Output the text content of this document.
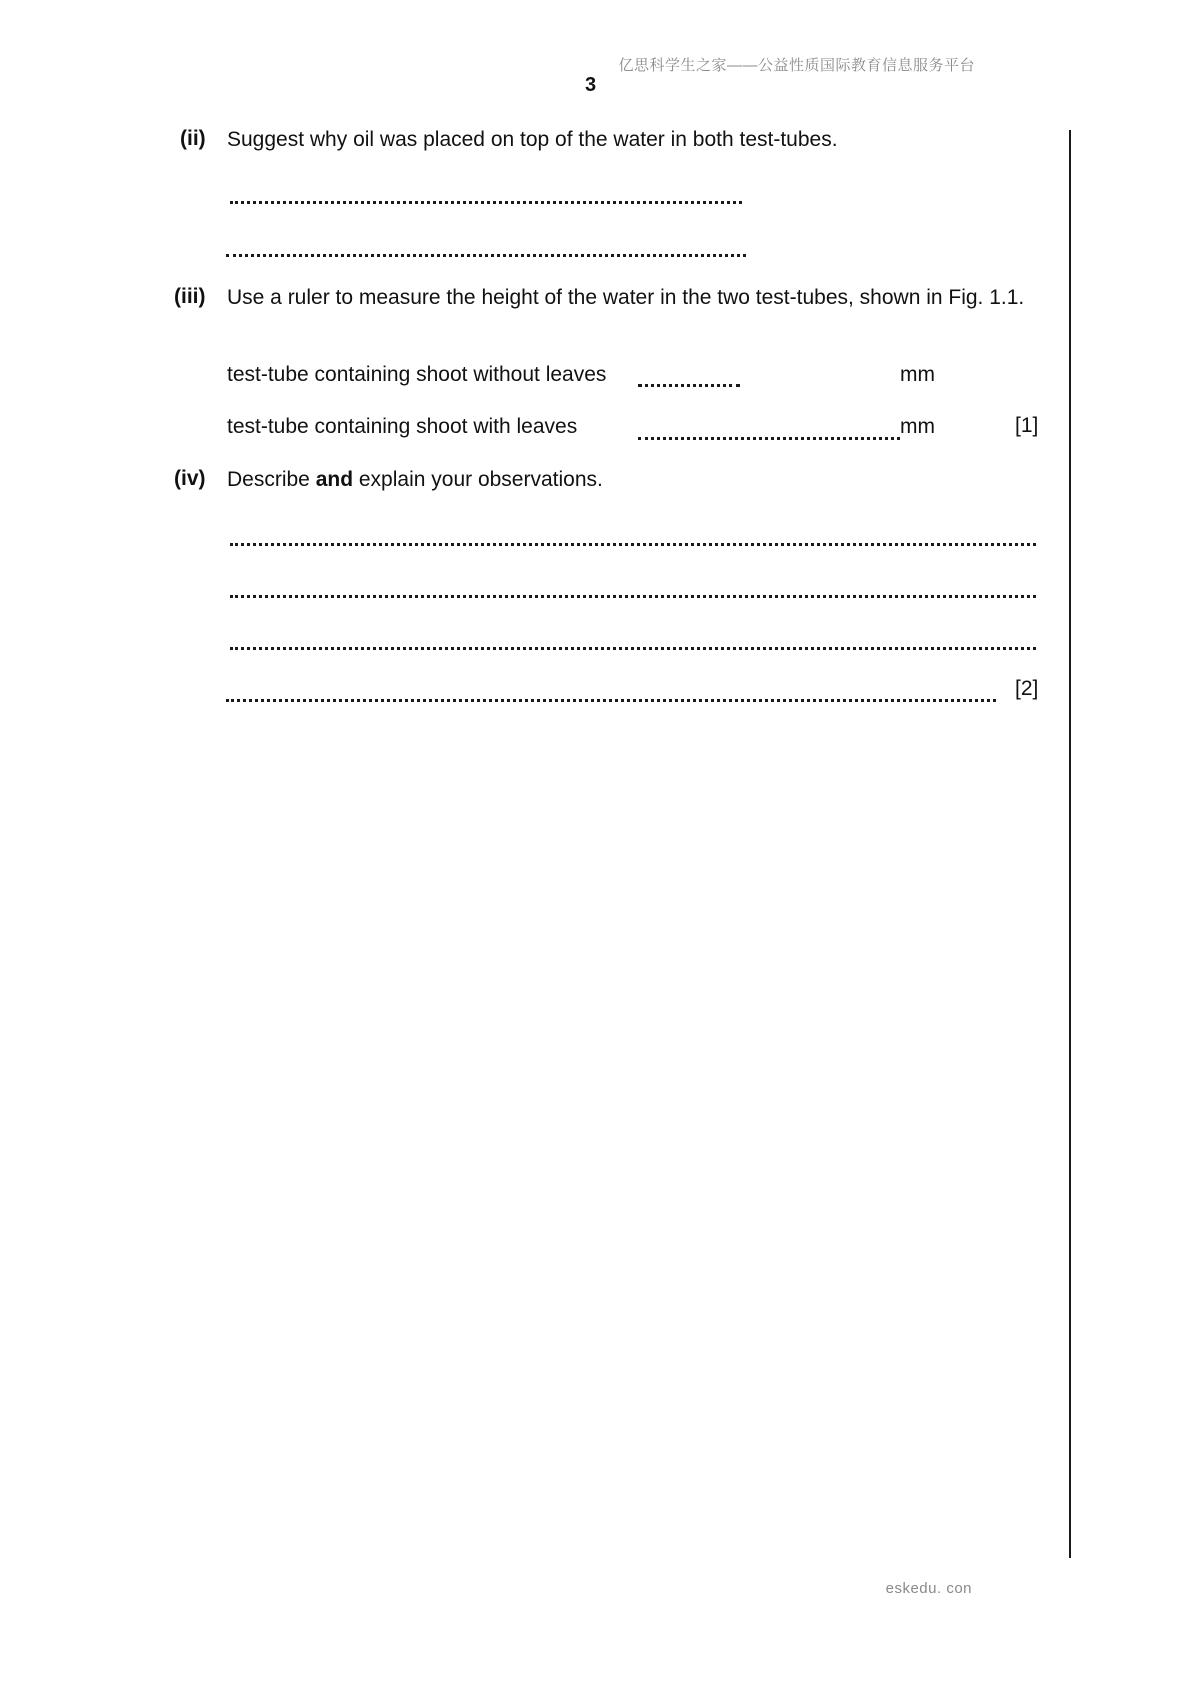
亿思科学生之家——公益性质国际教育信息服务平台
3
(ii) Suggest why oil was placed on top of the water in both test-tubes.
(iii) Use a ruler to measure the height of the water in the two test-tubes, shown in Fig. 1.1.
test-tube containing shoot without leaves	mm
test-tube containing shoot with leaves	mm	[1]
(iv) Describe and explain your observations.
[2]
eskedu. con
